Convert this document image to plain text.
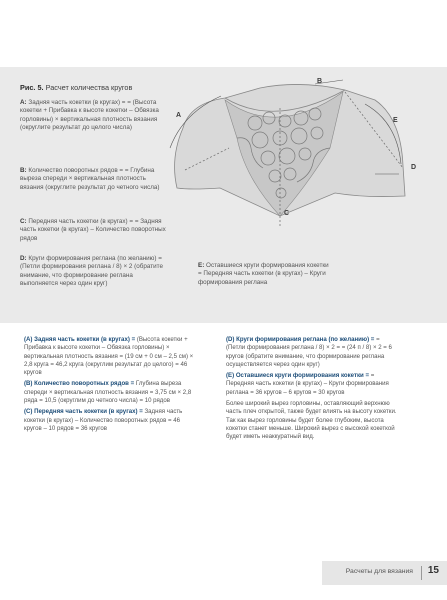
Рис. 5. Расчет количества кругов
A: Задняя часть кокетки (в кругах) = = (Высота кокетки + Прибавка к высоте кокетки – Обвязка горловины) × вертикальная плотность вязания (округлите результат до целого числа)
B: Количество поворотных рядов = = Глубина выреза спереди × вертикальная плотность вязания (округлите результат до четного числа)
C: Передняя часть кокетки (в кругах) = = Задняя часть кокетки (в кругах) – Количество поворотных рядов
D: Круги формирования реглана (по желанию) = (Петли формирования реглана / 8) × 2 (обратите внимание, что формирование реглана выполняется через один круг)
A
B
C
D
E
E: Оставшиеся круги формирования кокетки = Передняя часть кокетки (в кругах) – Круги формирования реглана

(A) Задняя часть кокетки (в кругах) = (Высота кокетки + Прибавка к высоте кокетки – Обвязка горловины) × вертикальная плотность вязания = (19 см + 0 см – 2,5 см) × 2,8 круга = 46,2 круга (округлим результат до целого) = 46 кругов

(B) Количество поворотных рядов = Глубина выреза спереди × вертикальная плотность вязания = 3,75 см × 2,8 ряда = 10,5 (округлим до четного числа) = 10 рядов

(C) Передняя часть кокетки (в кругах) = Задняя часть кокетки (в кругах) – Количество поворотных рядов = 46 кругов – 10 рядов = 36 кругов

(D) Круги формирования реглана (по желанию) = = (Петли формирования реглана / 8) × 2 = = (24 п / 8) × 2 = 6 кругов (обратите внимание, что формирование реглана осуществляется через один круг)

(E) Оставшиеся круги формирования кокетки = = Передняя часть кокетки (в кругах) – Круги формирования реглана = 36 кругов – 6 кругов = 30 кругов

Более широкий вырез горловины, оставляющий верхнюю часть плеч открытой, также будет влиять на высоту кокетки. Так как вырез горловины будет более глубоким, высота кокетки станет меньше. Широкий вырез с высокой кокеткой будет иметь неаккуратный вид.

Расчеты для вязания 15
